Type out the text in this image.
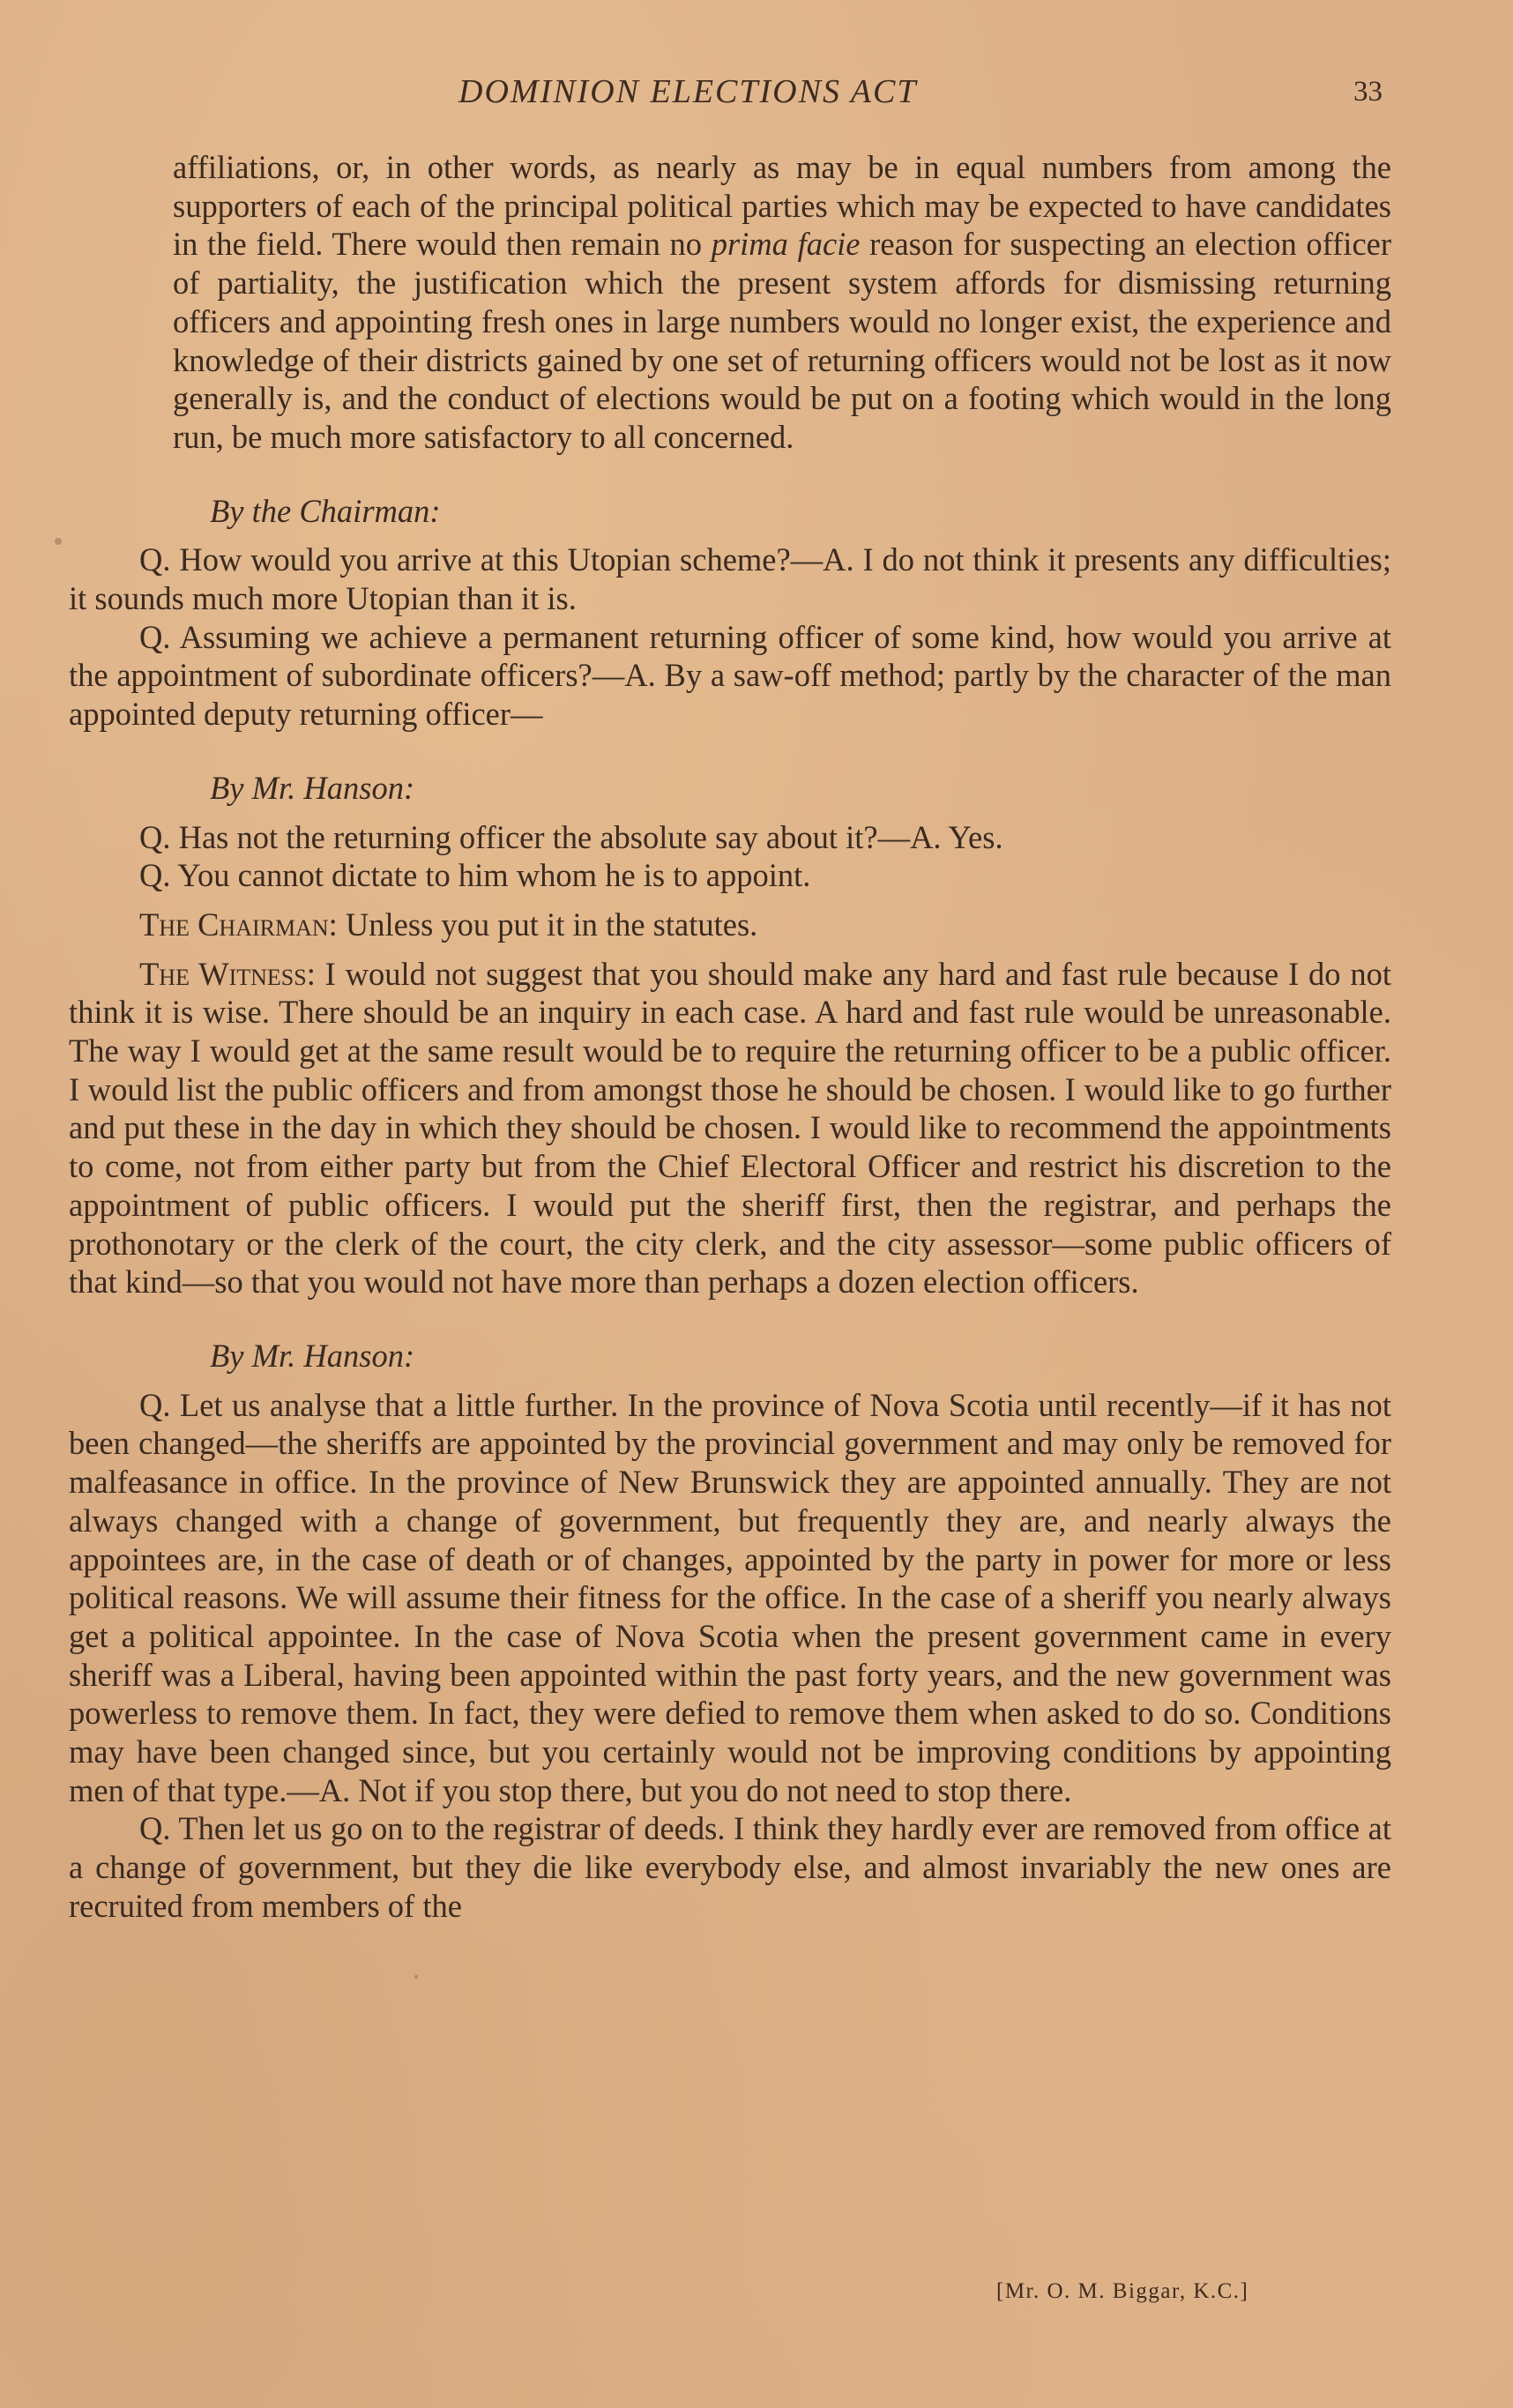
DOMINION ELECTIONS ACT	33

affiliations, or, in other words, as nearly as may be in equal numbers from among the supporters of each of the principal political parties which may be expected to have candidates in the field. There would then remain no prima facie reason for suspecting an election officer of partiality, the justification which the present system affords for dismissing returning officers and appointing fresh ones in large numbers would no longer exist, the experience and knowledge of their districts gained by one set of returning officers would not be lost as it now generally is, and the conduct of elections would be put on a footing which would in the long run, be much more satisfactory to all concerned.

By the Chairman:

Q. How would you arrive at this Utopian scheme?—A. I do not think it presents any difficulties; it sounds much more Utopian than it is.

Q. Assuming we achieve a permanent returning officer of some kind, how would you arrive at the appointment of subordinate officers?—A. By a saw-off method; partly by the character of the man appointed deputy returning officer—

By Mr. Hanson:

Q. Has not the returning officer the absolute say about it?—A. Yes.

Q. You cannot dictate to him whom he is to appoint.

The Chairman: Unless you put it in the statutes.

The Witness: I would not suggest that you should make any hard and fast rule because I do not think it is wise. There should be an inquiry in each case. A hard and fast rule would be unreasonable. The way I would get at the same result would be to require the returning officer to be a public officer. I would list the public officers and from amongst those he should be chosen. I would like to go further and put these in the day in which they should be chosen. I would like to recommend the appointments to come, not from either party but from the Chief Electoral Officer and restrict his discretion to the appointment of public officers. I would put the sheriff first, then the registrar, and perhaps the prothonotary or the clerk of the court, the city clerk, and the city assessor—some public officers of that kind—so that you would not have more than perhaps a dozen election officers.

By Mr. Hanson:

Q. Let us analyse that a little further. In the province of Nova Scotia until recently—if it has not been changed—the sheriffs are appointed by the provincial government and may only be removed for malfeasance in office. In the province of New Brunswick they are appointed annually. They are not always changed with a change of government, but frequently they are, and nearly always the appointees are, in the case of death or of changes, appointed by the party in power for more or less political reasons. We will assume their fitness for the office. In the case of a sheriff you nearly always get a political appointee. In the case of Nova Scotia when the present government came in every sheriff was a Liberal, having been appointed within the past forty years, and the new government was powerless to remove them. In fact, they were defied to remove them when asked to do so. Conditions may have been changed since, but you certainly would not be improving conditions by appointing men of that type.—A. Not if you stop there, but you do not need to stop there.

Q. Then let us go on to the registrar of deeds. I think they hardly ever are removed from office at a change of government, but they die like everybody else, and almost invariably the new ones are recruited from members of the

[Mr. O. M. Biggar, K.C.]
